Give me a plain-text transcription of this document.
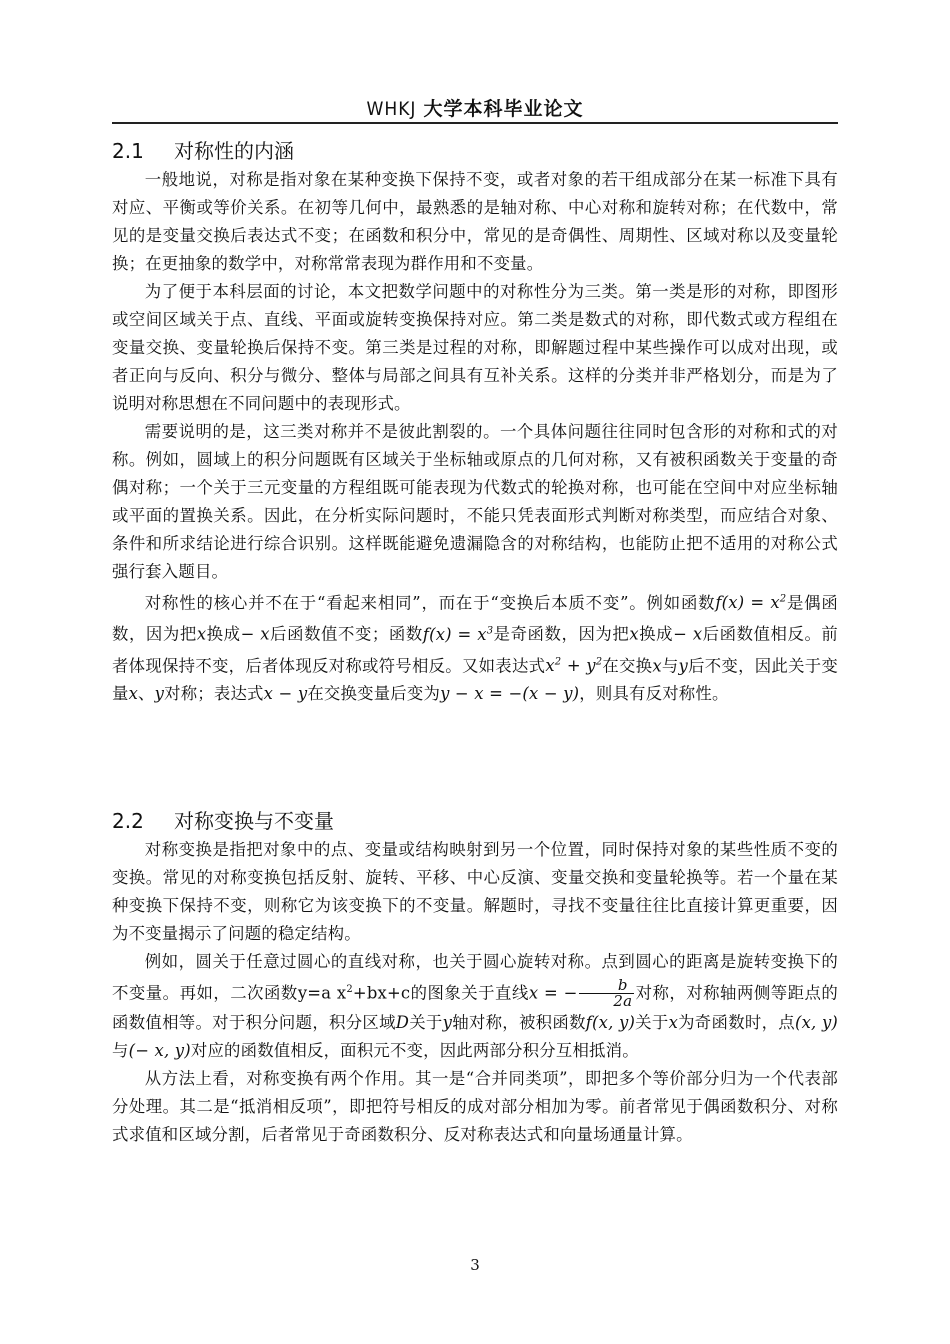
WHKJ 大学本科毕业论文
2.1 对称性的内涵

一般地说，对称是指对象在某种变换下保持不变，或者对象的若干组成部分在某一标准下具有对应、平衡或等价关系。在初等几何中，最熟悉的是轴对称、中心对称和旋转对称；在代数中，常见的是变量交换后表达式不变；在函数和积分中，常见的是奇偶性、周期性、区域对称以及变量轮换；在更抽象的数学中，对称常常表现为群作用和不变量。

为了便于本科层面的讨论，本文把数学问题中的对称性分为三类。第一类是形的对称，即图形或空间区域关于点、直线、平面或旋转变换保持对应。第二类是数式的对称，即代数式或方程组在变量交换、变量轮换后保持不变。第三类是过程的对称，即解题过程中某些操作可以成对出现，或者正向与反向、积分与微分、整体与局部之间具有互补关系。这样的分类并非严格划分，而是为了说明对称思想在不同问题中的表现形式。

需要说明的是，这三类对称并不是彼此割裂的。一个具体问题往往同时包含形的对称和式的对称。例如，圆域上的积分问题既有区域关于坐标轴或原点的几何对称，又有被积函数关于变量的奇偶对称；一个关于三元变量的方程组既可能表现为代数式的轮换对称，也可能在空间中对应坐标轴或平面的置换关系。因此，在分析实际问题时，不能只凭表面形式判断对称类型，而应结合对象、条件和所求结论进行综合识别。这样既能避免遗漏隐含的对称结构，也能防止把不适用的对称公式强行套入题目。

对称性的核心并不在于“看起来相同”，而在于“变换后本质不变”。例如函数$f(x) = x^2$是偶函数，因为把x换成− x后函数值不变；函数$f(x) = x^3$是奇函数，因为把x换成− x后函数值相反。前者体现保持不变，后者体现反对称或符号相反。又如表达式$x^2 + y^2$在交换x与y后不变，因此关于变量x、y对称；表达式x − y在交换变量后变为y − x = −(x − y)，则具有反对称性。

2.2 对称变换与不变量

对称变换是指把对象中的点、变量或结构映射到另一个位置，同时保持对象的某些性质不变的变换。常见的对称变换包括反射、旋转、平移、中心反演、变量交换和变量轮换等。若一个量在某种变换下保持不变，则称它为该变换下的不变量。解题时，寻找不变量往往比直接计算更重要，因为不变量揭示了问题的稳定结构。

例如，圆关于任意过圆心的直线对称，也关于圆心旋转对称。点到圆心的距离是旋转变换下的不变量。再如，二次函数y=a $x^2+bx+c$的图象关于直线x = − $\frac{b}{2a}$ 对称，对称轴两侧等距点的函数值相等。对于积分问题，积分区域D关于y轴对称，被积函数f(x, y)关于x为奇函数时，点(x, y)与(− x, y)对应的函数值相反，面积元不变，因此两部分积分互相抵消。

从方法上看，对称变换有两个作用。其一是“合并同类项”，即把多个等价部分归为一个代表部分处理。其二是“抵消相反项”，即把符号相反的成对部分相加为零。前者常见于偶函数积分、对称式求值和区域分割，后者常见于奇函数积分、反对称表达式和向量场通量计算。

3
